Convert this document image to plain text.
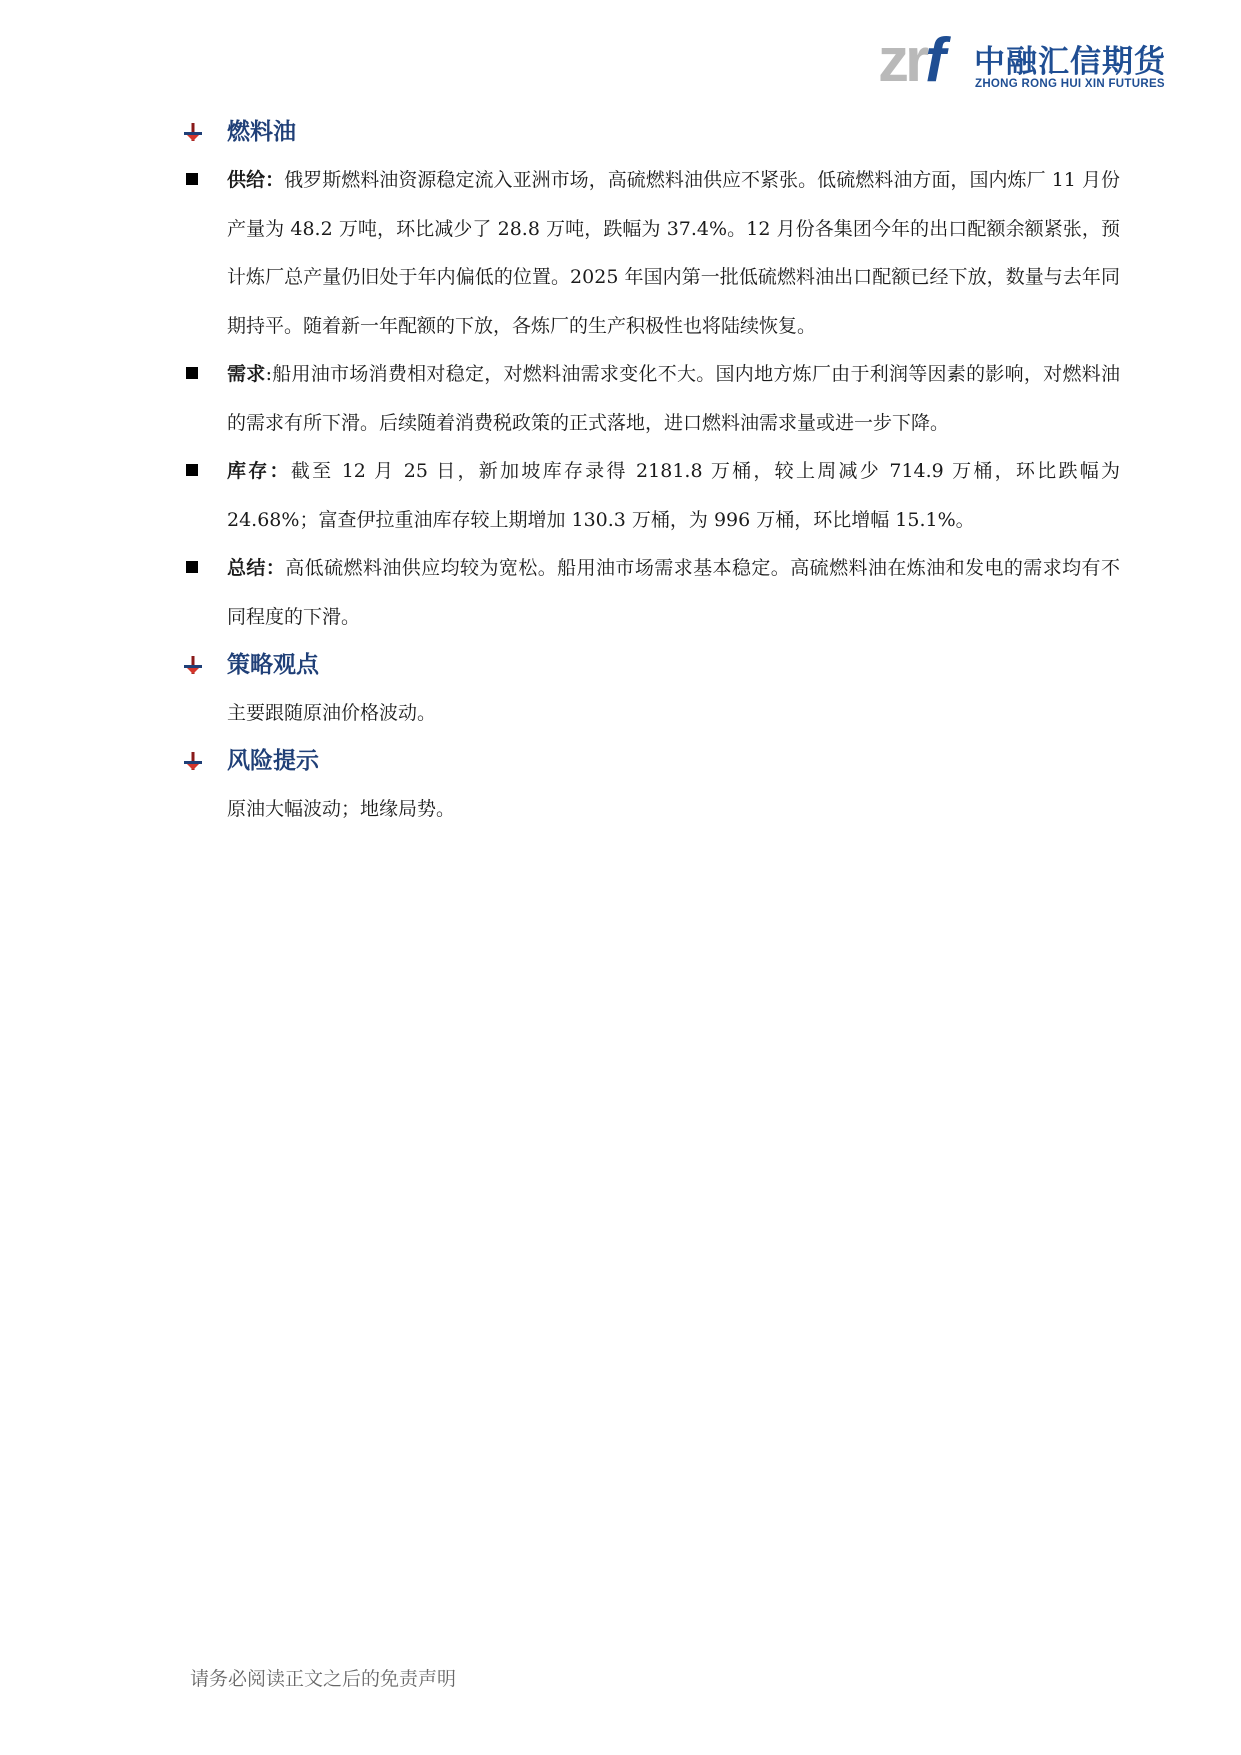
zrf 中融汇信期货
ZHONG RONG HUI XIN FUTURES
燃料油
供给：俄罗斯燃料油资源稳定流入亚洲市场，高硫燃料油供应不紧张。低硫燃料油方面，国内炼厂 11 月份产量为 48.2 万吨，环比减少了 28.8 万吨，跌幅为 37.4%。12 月份各集团今年的出口配额余额紧张，预计炼厂总产量仍旧处于年内偏低的位置。2025 年国内第一批低硫燃料油出口配额已经下放，数量与去年同期持平。随着新一年配额的下放，各炼厂的生产积极性也将陆续恢复。
需求:船用油市场消费相对稳定，对燃料油需求变化不大。国内地方炼厂由于利润等因素的影响，对燃料油的需求有所下滑。后续随着消费税政策的正式落地，进口燃料油需求量或进一步下降。
库存：截至 12 月 25 日，新加坡库存录得 2181.8 万桶，较上周减少 714.9 万桶，环比跌幅为 24.68%；富查伊拉重油库存较上期增加 130.3 万桶，为 996 万桶，环比增幅 15.1%。
总结：高低硫燃料油供应均较为宽松。船用油市场需求基本稳定。高硫燃料油在炼油和发电的需求均有不同程度的下滑。
策略观点
主要跟随原油价格波动。
风险提示
原油大幅波动；地缘局势。
请务必阅读正文之后的免责声明
